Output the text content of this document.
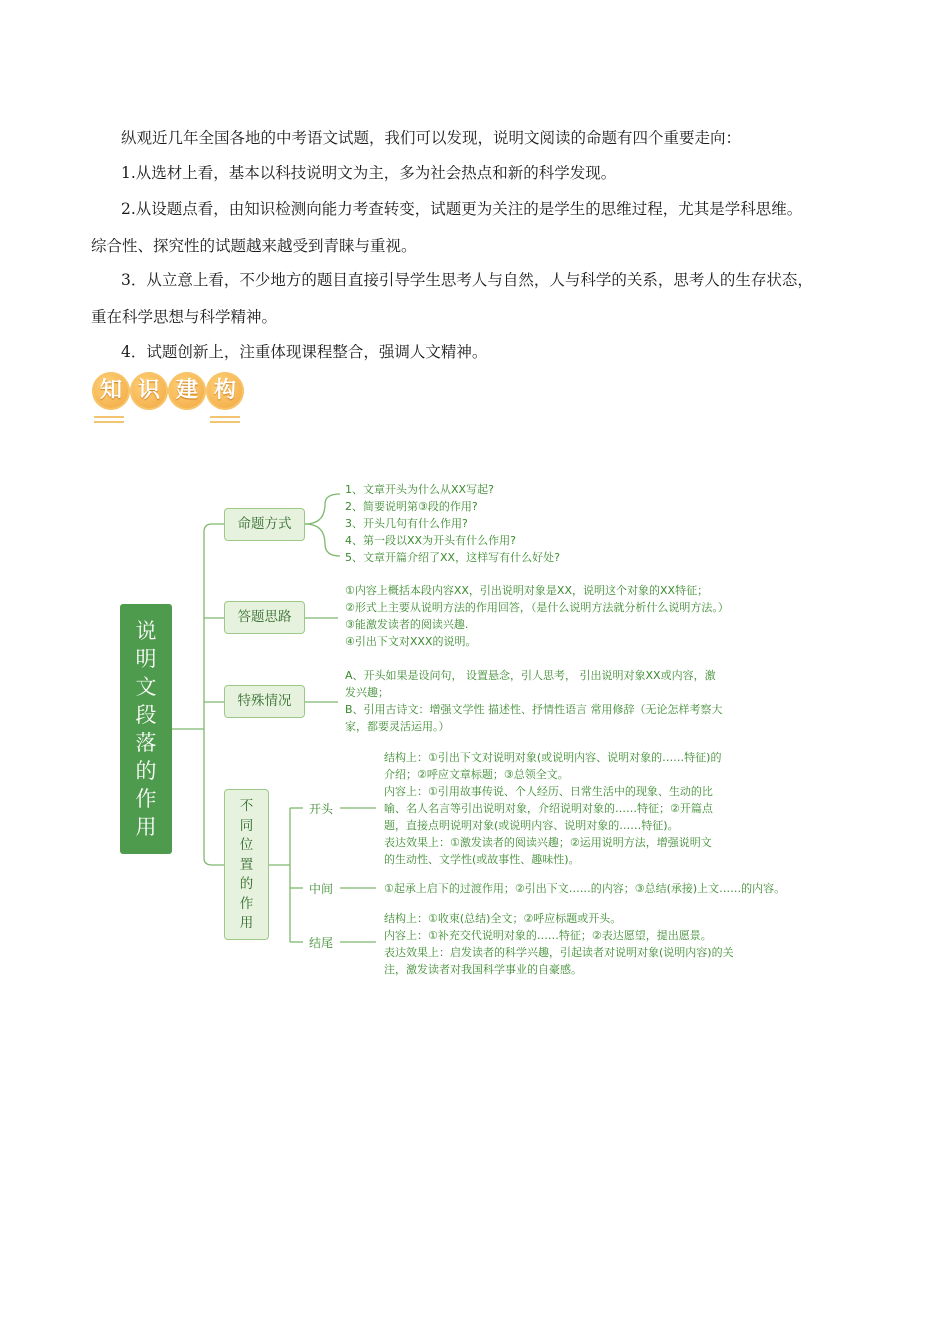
纵观近几年全国各地的中考语文试题，我们可以发现，说明文阅读的命题有四个重要走向：

1.从选材上看，基本以科技说明文为主，多为社会热点和新的科学发现。

2.从设题点看，由知识检测向能力考查转变，试题更为关注的是学生的思维过程，尤其是学科思维。

综合性、探究性的试题越来越受到青睐与重视。

3．从立意上看，不少地方的题目直接引导学生思考人与自然，人与科学的关系，思考人的生存状态，

重在科学思想与科学精神。

4．试题创新上，注重体现课程整合，强调人文精神。

知 识 建 构
说
明
文
段
落
的
作
用
命题方式
答题思路
特殊情况
不
同
位
置
的
作
用
1、文章开头为什么从XX写起?
2、简要说明第③段的作用?
3、开头几句有什么作用?
4、第一段以XX为开头有什么作用?
5、文章开篇介绍了XX，这样写有什么好处?
①内容上概括本段内容XX，引出说明对象是XX，说明这个对象的XX特征；
②形式上主要从说明方法的作用回答，（是什么说明方法就分析什么说明方法。）
③能激发读者的阅读兴趣.
④引出下文对XXX的说明。
A、开头如果是设问句， 设置悬念，引人思考， 引出说明对象XX或内容，激
发兴趣；
B、引用古诗文：增强文学性 描述性、抒情性语言 常用修辞（无论怎样考察大
家，都要灵活运用。）
开头
中间
结尾
结构上：①引出下文对说明对象(或说明内容、说明对象的……特征)的
介绍；②呼应文章标题；③总领全文。
内容上：①引用故事传说、个人经历、日常生活中的现象、生动的比
喻、名人名言等引出说明对象，介绍说明对象的……特征；②开篇点
题，直接点明说明对象(或说明内容、说明对象的……特征)。
表达效果上：①激发读者的阅读兴趣；②运用说明方法，增强说明文
的生动性、文学性(或故事性、趣味性)。
①起承上启下的过渡作用；②引出下文……的内容；③总结(承接)上文……的内容。
结构上：①收束(总结)全文；②呼应标题或开头。
内容上：①补充交代说明对象的……特征；②表达愿望，提出愿景。
表达效果上：启发读者的科学兴趣，引起读者对说明对象(说明内容)的关
注，激发读者对我国科学事业的自豪感。
